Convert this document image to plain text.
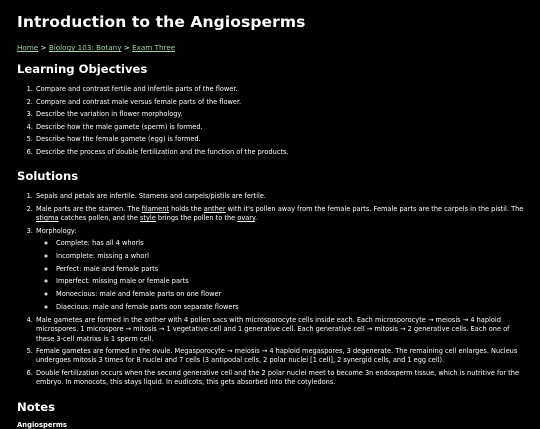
Introduction to the Angiosperms
Home > Biology 103: Botany > Exam Three
Learning Objectives
1. Compare and contrast fertile and infertile parts of the flower.
2. Compare and contrast male versus female parts of the flower.
3. Describe the variation in flower morphology.
4. Describe how the male gamete (sperm) is formed.
5. Describe how the female gamete (egg) is formed.
6. Describe the process of double fertilization and the function of the products.
Solutions
1. Sepals and petals are infertile. Stamens and carpels/pistils are fertile.
2. Male parts are the stamen. The filament holds the anther with it's pollen away from the female parts. Female parts are the carpels in the pistil. The stigma catches pollen, and the style brings the pollen to the ovary.
3. Morphology:
◦ Complete: has all 4 whorls
◦ Incomplete: missing a whorl
◦ Perfect: male and female parts
◦ Imperfect: missing male or female parts
◦ Monoecious: male and female parts on one flower
◦ Diaecious: male and female parts oon separate flowers
4. Male gametes are formed in the anther with 4 pollen sacs with microsporocyte cells inside each. Each microsporocyte → meiosis → 4 haploid microspores. 1 microspore → mitosis → 1 vegetative cell and 1 generative cell. Each generative cell → mitosis → 2 generative cells. Each one of these 3-cell matrixs is 1 sperm cell.
5. Female gametes are formed in the ovule. Megasporocyte → meiosis → 4 haploid megaspores, 3 degenerate. The remaining cell enlarges. Nucleus undergoes mitosis 3 times for 8 nuclei and 7 cells (3 antipodal cells, 2 polar nuclei [1 cell], 2 synergid cells, and 1 egg cell).
6. Double fertilization occurs when the second generative cell and the 2 polar nuclei meet to become 3n endosperm tissue, which is nutritive for the embryo. In monocots, this stays liquid. In eudicots, this gets absorbed into the cotyledons.
Notes
Angiosperms
